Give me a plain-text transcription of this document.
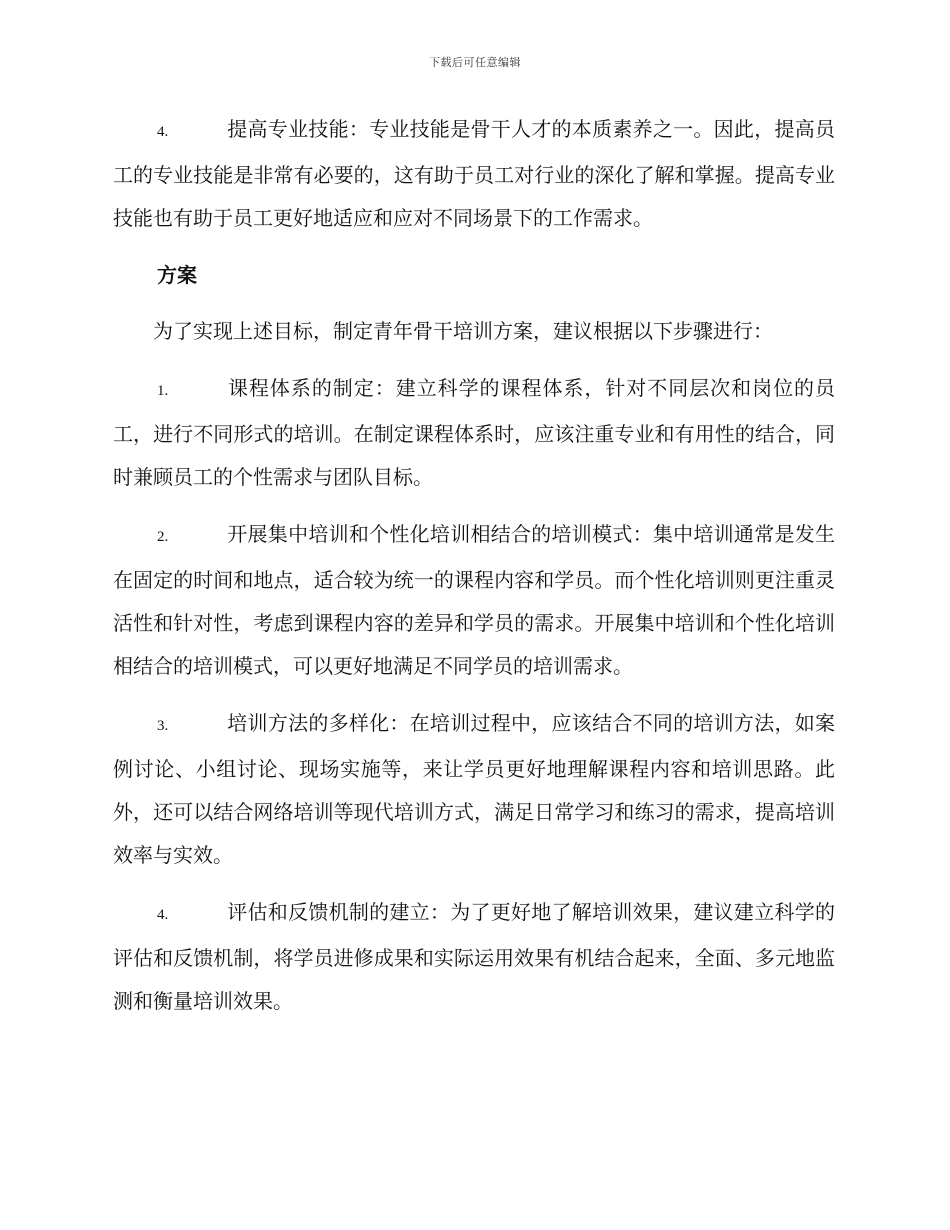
下载后可任意编辑

4.	提高专业技能：专业技能是骨干人才的本质素养之一。因此，提高员工的专业技能是非常有必要的，这有助于员工对行业的深化了解和掌握。提高专业技能也有助于员工更好地适应和应对不同场景下的工作需求。

方案

为了实现上述目标，制定青年骨干培训方案，建议根据以下步骤进行：

1.	课程体系的制定：建立科学的课程体系，针对不同层次和岗位的员工，进行不同形式的培训。在制定课程体系时，应该注重专业和有用性的结合，同时兼顾员工的个性需求与团队目标。

2.	开展集中培训和个性化培训相结合的培训模式：集中培训通常是发生在固定的时间和地点，适合较为统一的课程内容和学员。而个性化培训则更注重灵活性和针对性，考虑到课程内容的差异和学员的需求。开展集中培训和个性化培训相结合的培训模式，可以更好地满足不同学员的培训需求。

3.	培训方法的多样化：在培训过程中，应该结合不同的培训方法，如案例讨论、小组讨论、现场实施等，来让学员更好地理解课程内容和培训思路。此外，还可以结合网络培训等现代培训方式，满足日常学习和练习的需求，提高培训效率与实效。

4.	评估和反馈机制的建立：为了更好地了解培训效果，建议建立科学的评估和反馈机制，将学员进修成果和实际运用效果有机结合起来，全面、多元地监测和衡量培训效果。
